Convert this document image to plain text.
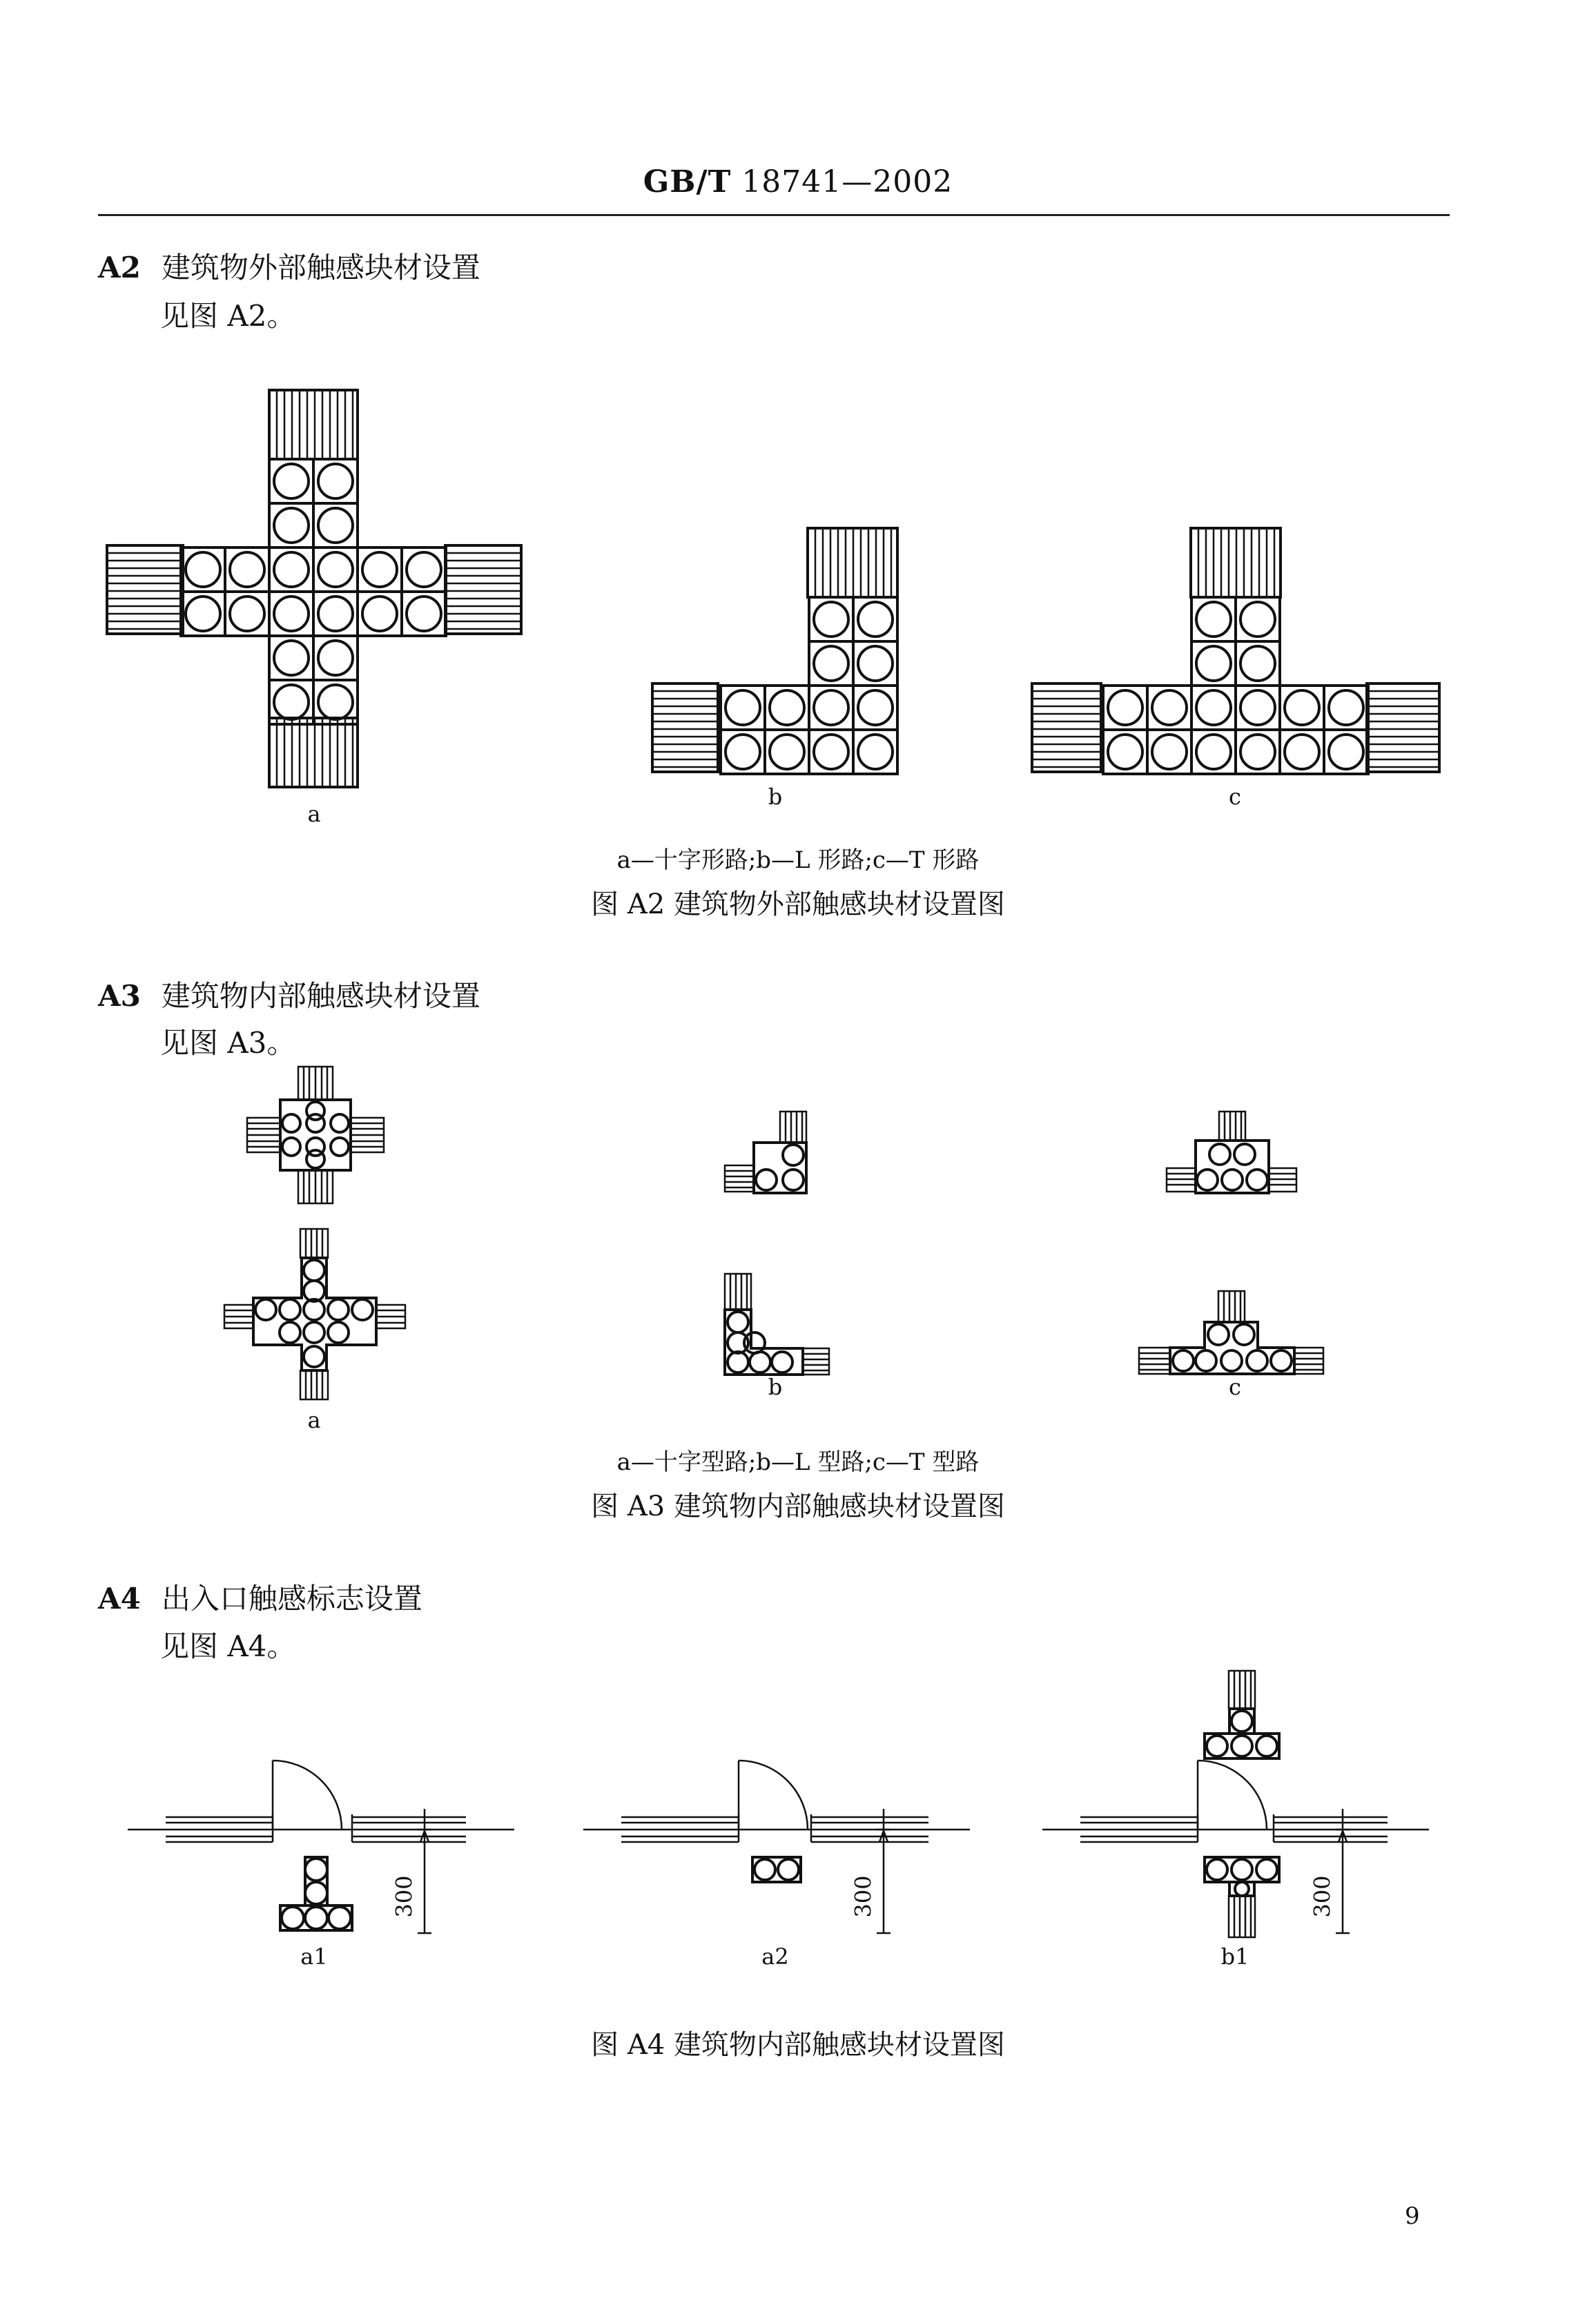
GB/T 18741—2002
A2 建筑物外部触感块材设置
见图 A2。
a
b	c
a—十字形路;b—L 形路;c—T 形路
图 A2 建筑物外部触感块材设置图
A3 建筑物内部触感块材设置
见图 A3。
a
b	c
a—十字型路;b—L 型路;c—T 型路
图 A3 建筑物内部触感块材设置图
A4 出入口触感标志设置
见图 A4。
300
a1
300
a2
300
b1
图 A4 建筑物内部触感块材设置图
9
